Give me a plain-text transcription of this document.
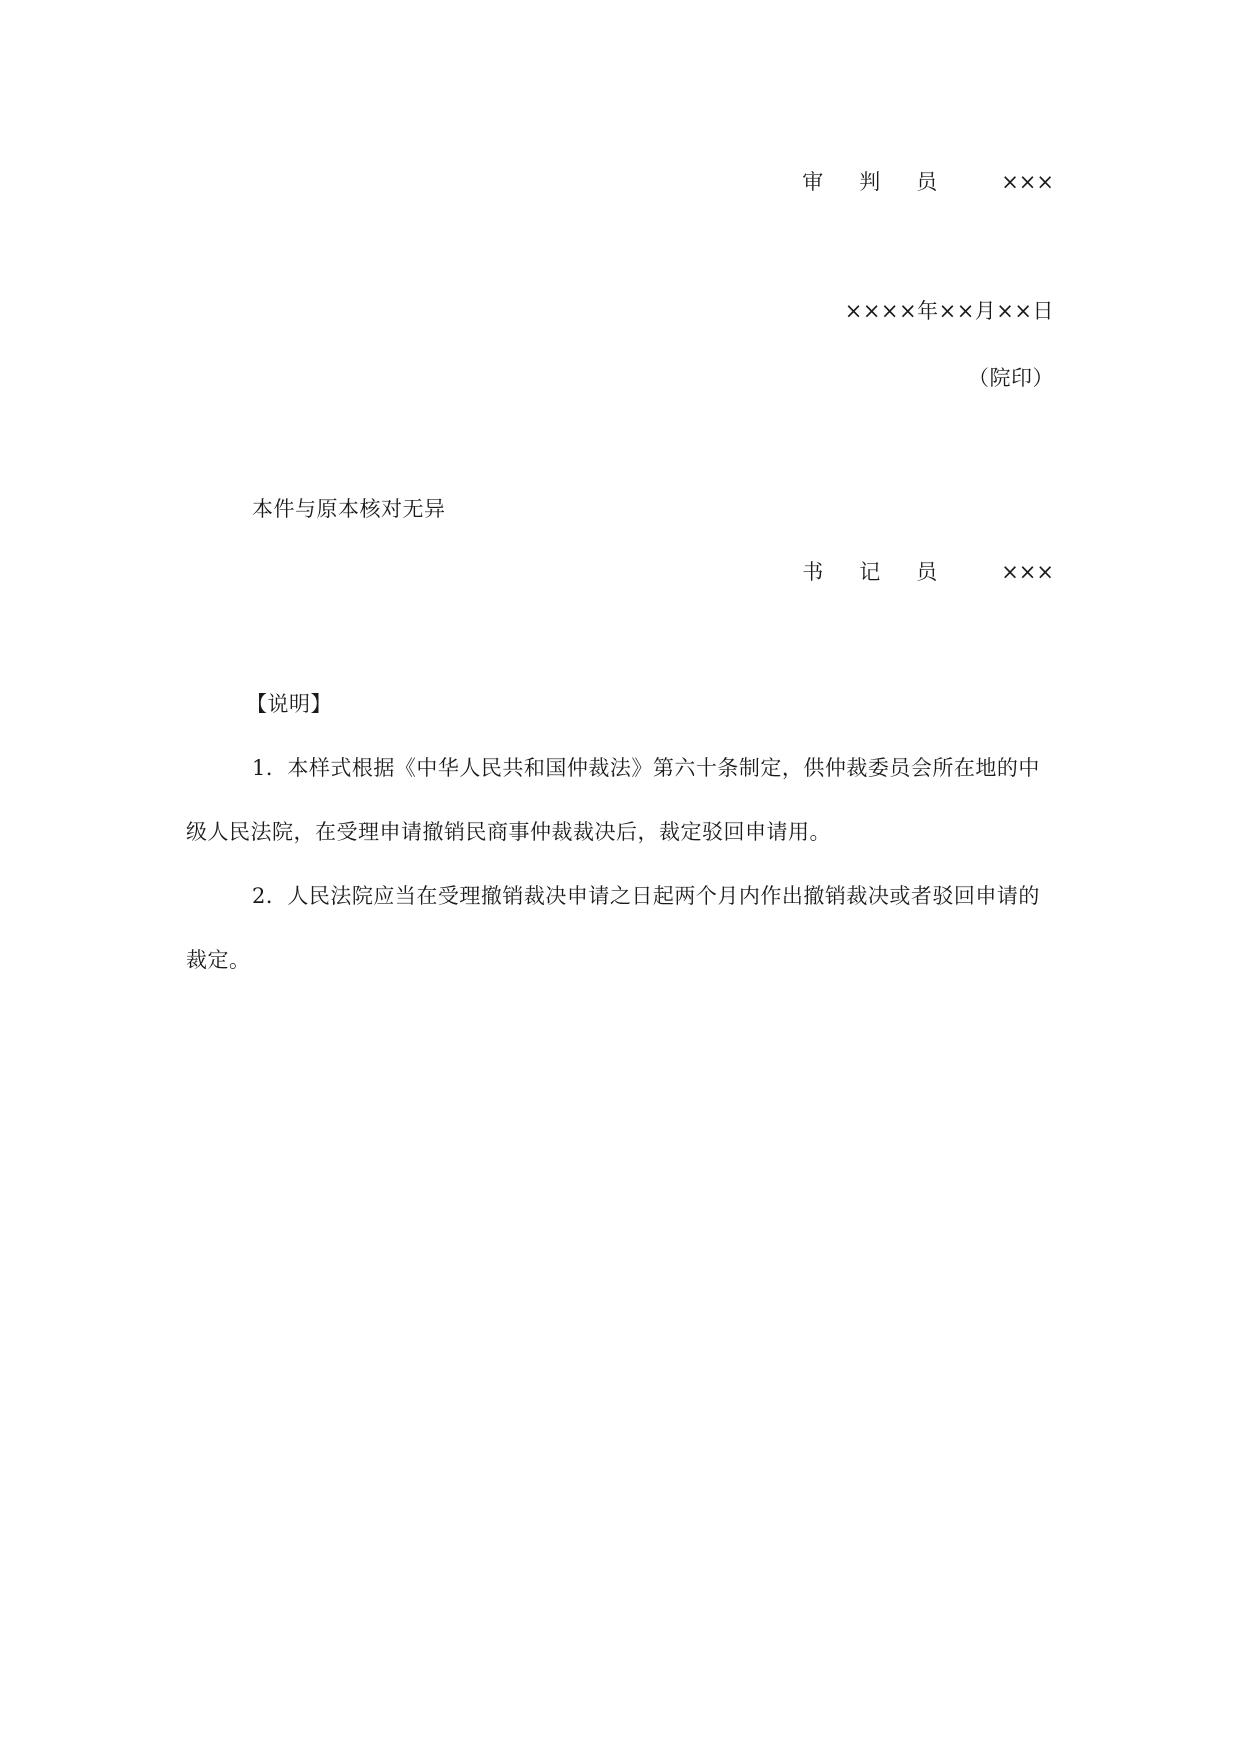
审判员 ×××
××××年××月××日
（院印）
本件与原本核对无异
书记员 ×××
【说明】
1．本样式根据《中华人民共和国仲裁法》第六十条制定，供仲裁委员会所在地的中
级人民法院，在受理申请撤销民商事仲裁裁决后，裁定驳回申请用。
2．人民法院应当在受理撤销裁决申请之日起两个月内作出撤销裁决或者驳回申请的
裁定。
